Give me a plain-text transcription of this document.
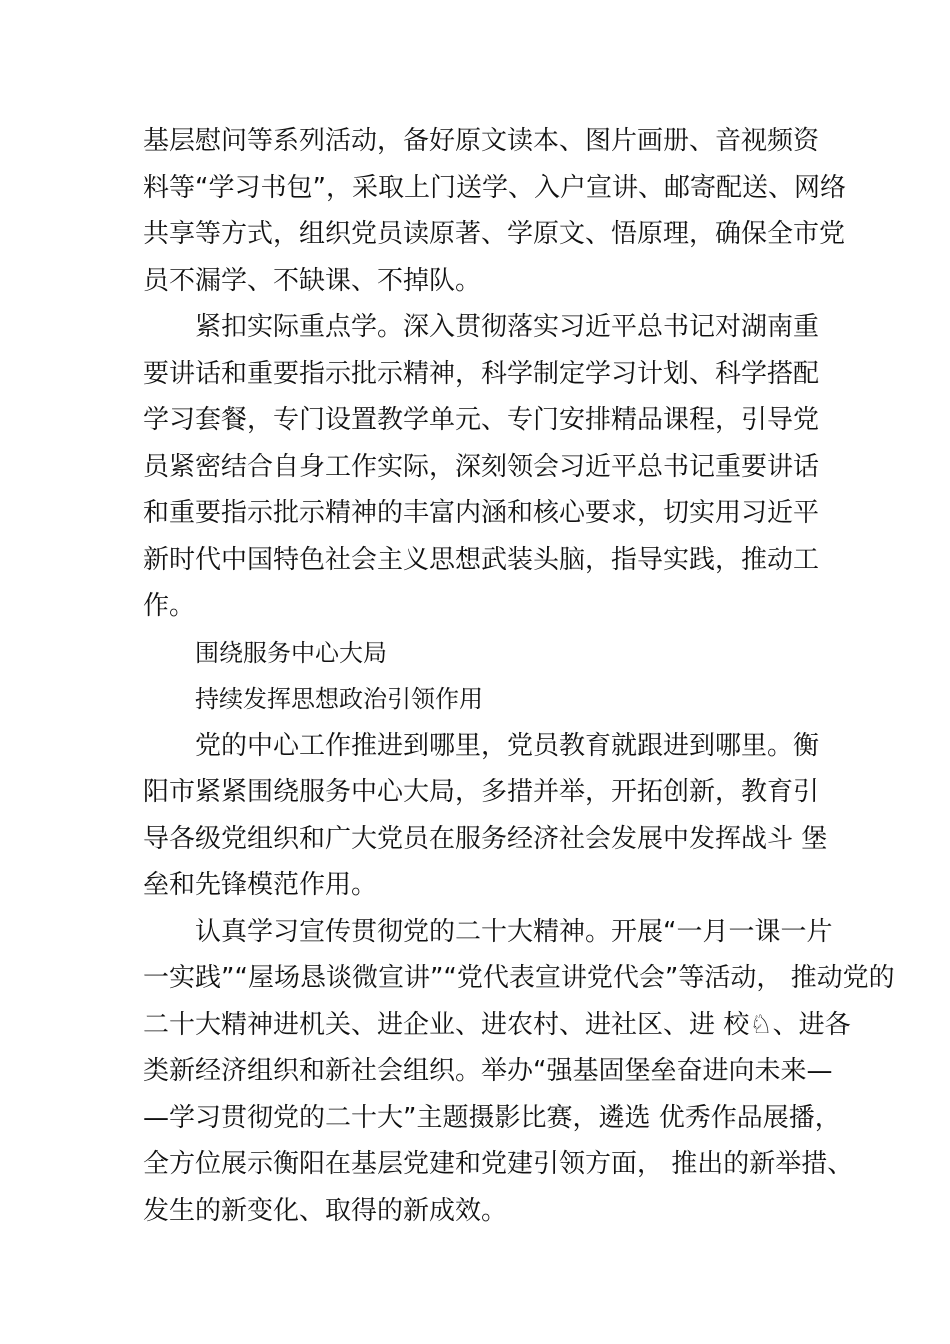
基层慰问等系列活动，备好原文读本、图片画册、音视频资
料等“学习书包”，采取上门送学、入户宣讲、邮寄配送、网络
共享等方式，组织党员读原著、学原文、悟原理，确保全市党
员不漏学、不缺课、不掉队。
紧扣实际重点学。深入贯彻落实习近平总书记对湖南重
要讲话和重要指示批示精神，科学制定学习计划、科学搭配
学习套餐，专门设置教学单元、专门安排精品课程，引导党
员紧密结合自身工作实际，深刻领会习近平总书记重要讲话
和重要指示批示精神的丰富内涵和核心要求，切实用习近平
新时代中国特色社会主义思想武装头脑，指导实践，推动工
作。
围绕服务中心大局
持续发挥思想政治引领作用
党的中心工作推进到哪里，党员教育就跟进到哪里。衡
阳市紧紧围绕服务中心大局，多措并举，开拓创新，教育引
导各级党组织和广大党员在服务经济社会发展中发挥战斗 堡
垒和先锋模范作用。
认真学习宣传贯彻党的二十大精神。开展“一月一课一片
一实践”“屋场恳谈微宣讲”“党代表宣讲党代会”等活动， 推动党的
二十大精神进机关、进企业、进农村、进社区、进 校♘、进各
类新经济组织和新社会组织。举办“强基固堡垒奋进向未来—
—学习贯彻党的二十大”主题摄影比赛，遴选 优秀作品展播，
全方位展示衡阳在基层党建和党建引领方面， 推出的新举措、
发生的新变化、取得的新成效。
